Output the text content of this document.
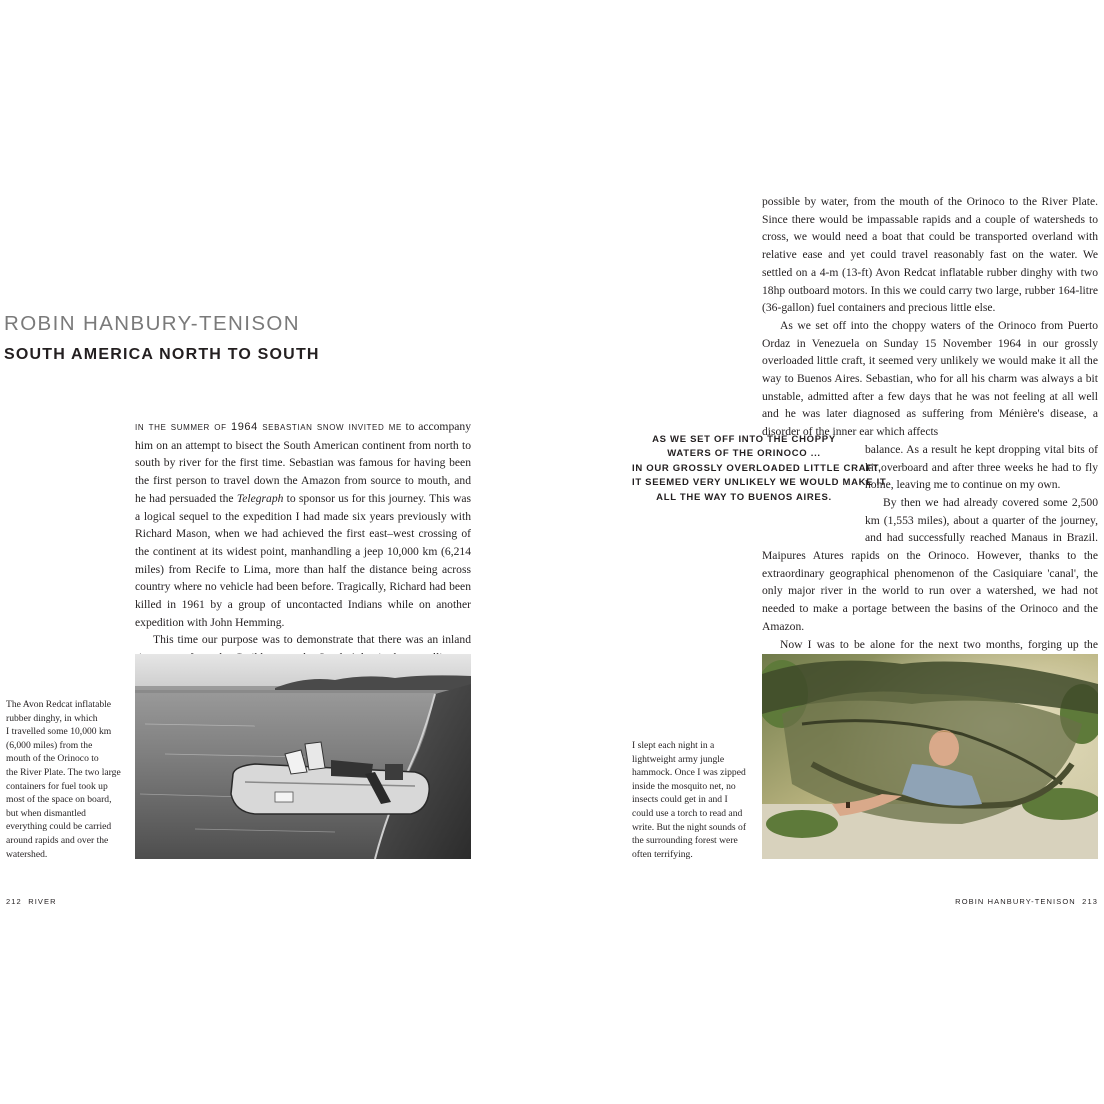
ROBIN HANBURY-TENISON
SOUTH AMERICA NORTH TO SOUTH

in the summer of 1964 sebastian snow invited me to accompany him on an attempt to bisect the South American continent from north to south by river for the first time. Sebastian was famous for having been the first person to travel down the Amazon from source to mouth, and he had persuaded the Telegraph to sponsor us for this journey. This was a logical sequel to the expedition I had made six years previously with Richard Mason, when we had achieved the first east–west crossing of the continent at its widest point, manhandling a jeep 10,000 km (6,214 miles) from Recife to Lima, more than half the distance being across country where no vehicle had been before. Tragically, Richard had been killed in 1961 by a group of uncontacted Indians while on another expedition with John Hemming.

This time our purpose was to demonstrate that there was an inland

The Avon Redcat inflatable
rubber dinghy, in which
I travelled some 10,000 km
(6,000 miles) from the
mouth of the Orinoco to
the River Plate. The two large
containers for fuel took up
most of the space on board,
but when dismantled
everything could be carried
around rapids and over the
watershed.
212 RIVER

possible by water, from the mouth of the Orinoco to the River Plate. Since there would be impassable rapids and a couple of watersheds to cross, we would need a boat that could be transported overland with relative ease and yet could travel reasonably fast on the water. We settled on a 4-m (13-ft) Avon Redcat inflatable rubber dinghy with two 18hp outboard motors. In this we could carry two large, rubber 164-litre (36-gallon) fuel containers and precious little else.

As we set off into the choppy waters of the Orinoco from Puerto Ordaz in Venezuela on Sunday 15 November 1964 in our grossly overloaded little craft, it seemed very unlikely we would make it all the way to Buenos Aires. Sebastian, who for all his charm was always a bit unstable, admitted after a few days that he was not feeling at all well and he was later diagnosed as suffering from Ménière's disease, a disorder of the inner ear which affects

balance. As a result he kept dropping vital bits of
kit overboard and after three weeks he had to fly
home, leaving me to continue on my own.
By then we had already covered some 2,500
km (1,553 miles), about a quarter of the journey,
and had successfully reached Manaus in Brazil.

Maipures Atures rapids on the Orinoco. However, thanks to the extraordinary geographical phenomenon of the Casiquiare 'canal', the only major river in the world to run over a watershed, we had not needed to make a portage between the basins of the Orinoco and the Amazon.

Now I was to be alone for the next two months, forging up the

AS WE SET OFF INTO THE CHOPPY
WATERS OF THE ORINOCO ...
IN OUR GROSSLY OVERLOADED LITTLE CRAFT,
IT SEEMED VERY UNLIKELY WE WOULD MAKE IT
ALL THE WAY TO BUENOS AIRES.
I slept each night in a
lightweight army jungle
hammock. Once I was zipped
inside the mosquito net, no
insects could get in and I
could use a torch to read and
write. But the night sounds of
the surrounding forest were
often terrifying.
ROBIN HANBURY-TENISON 213
